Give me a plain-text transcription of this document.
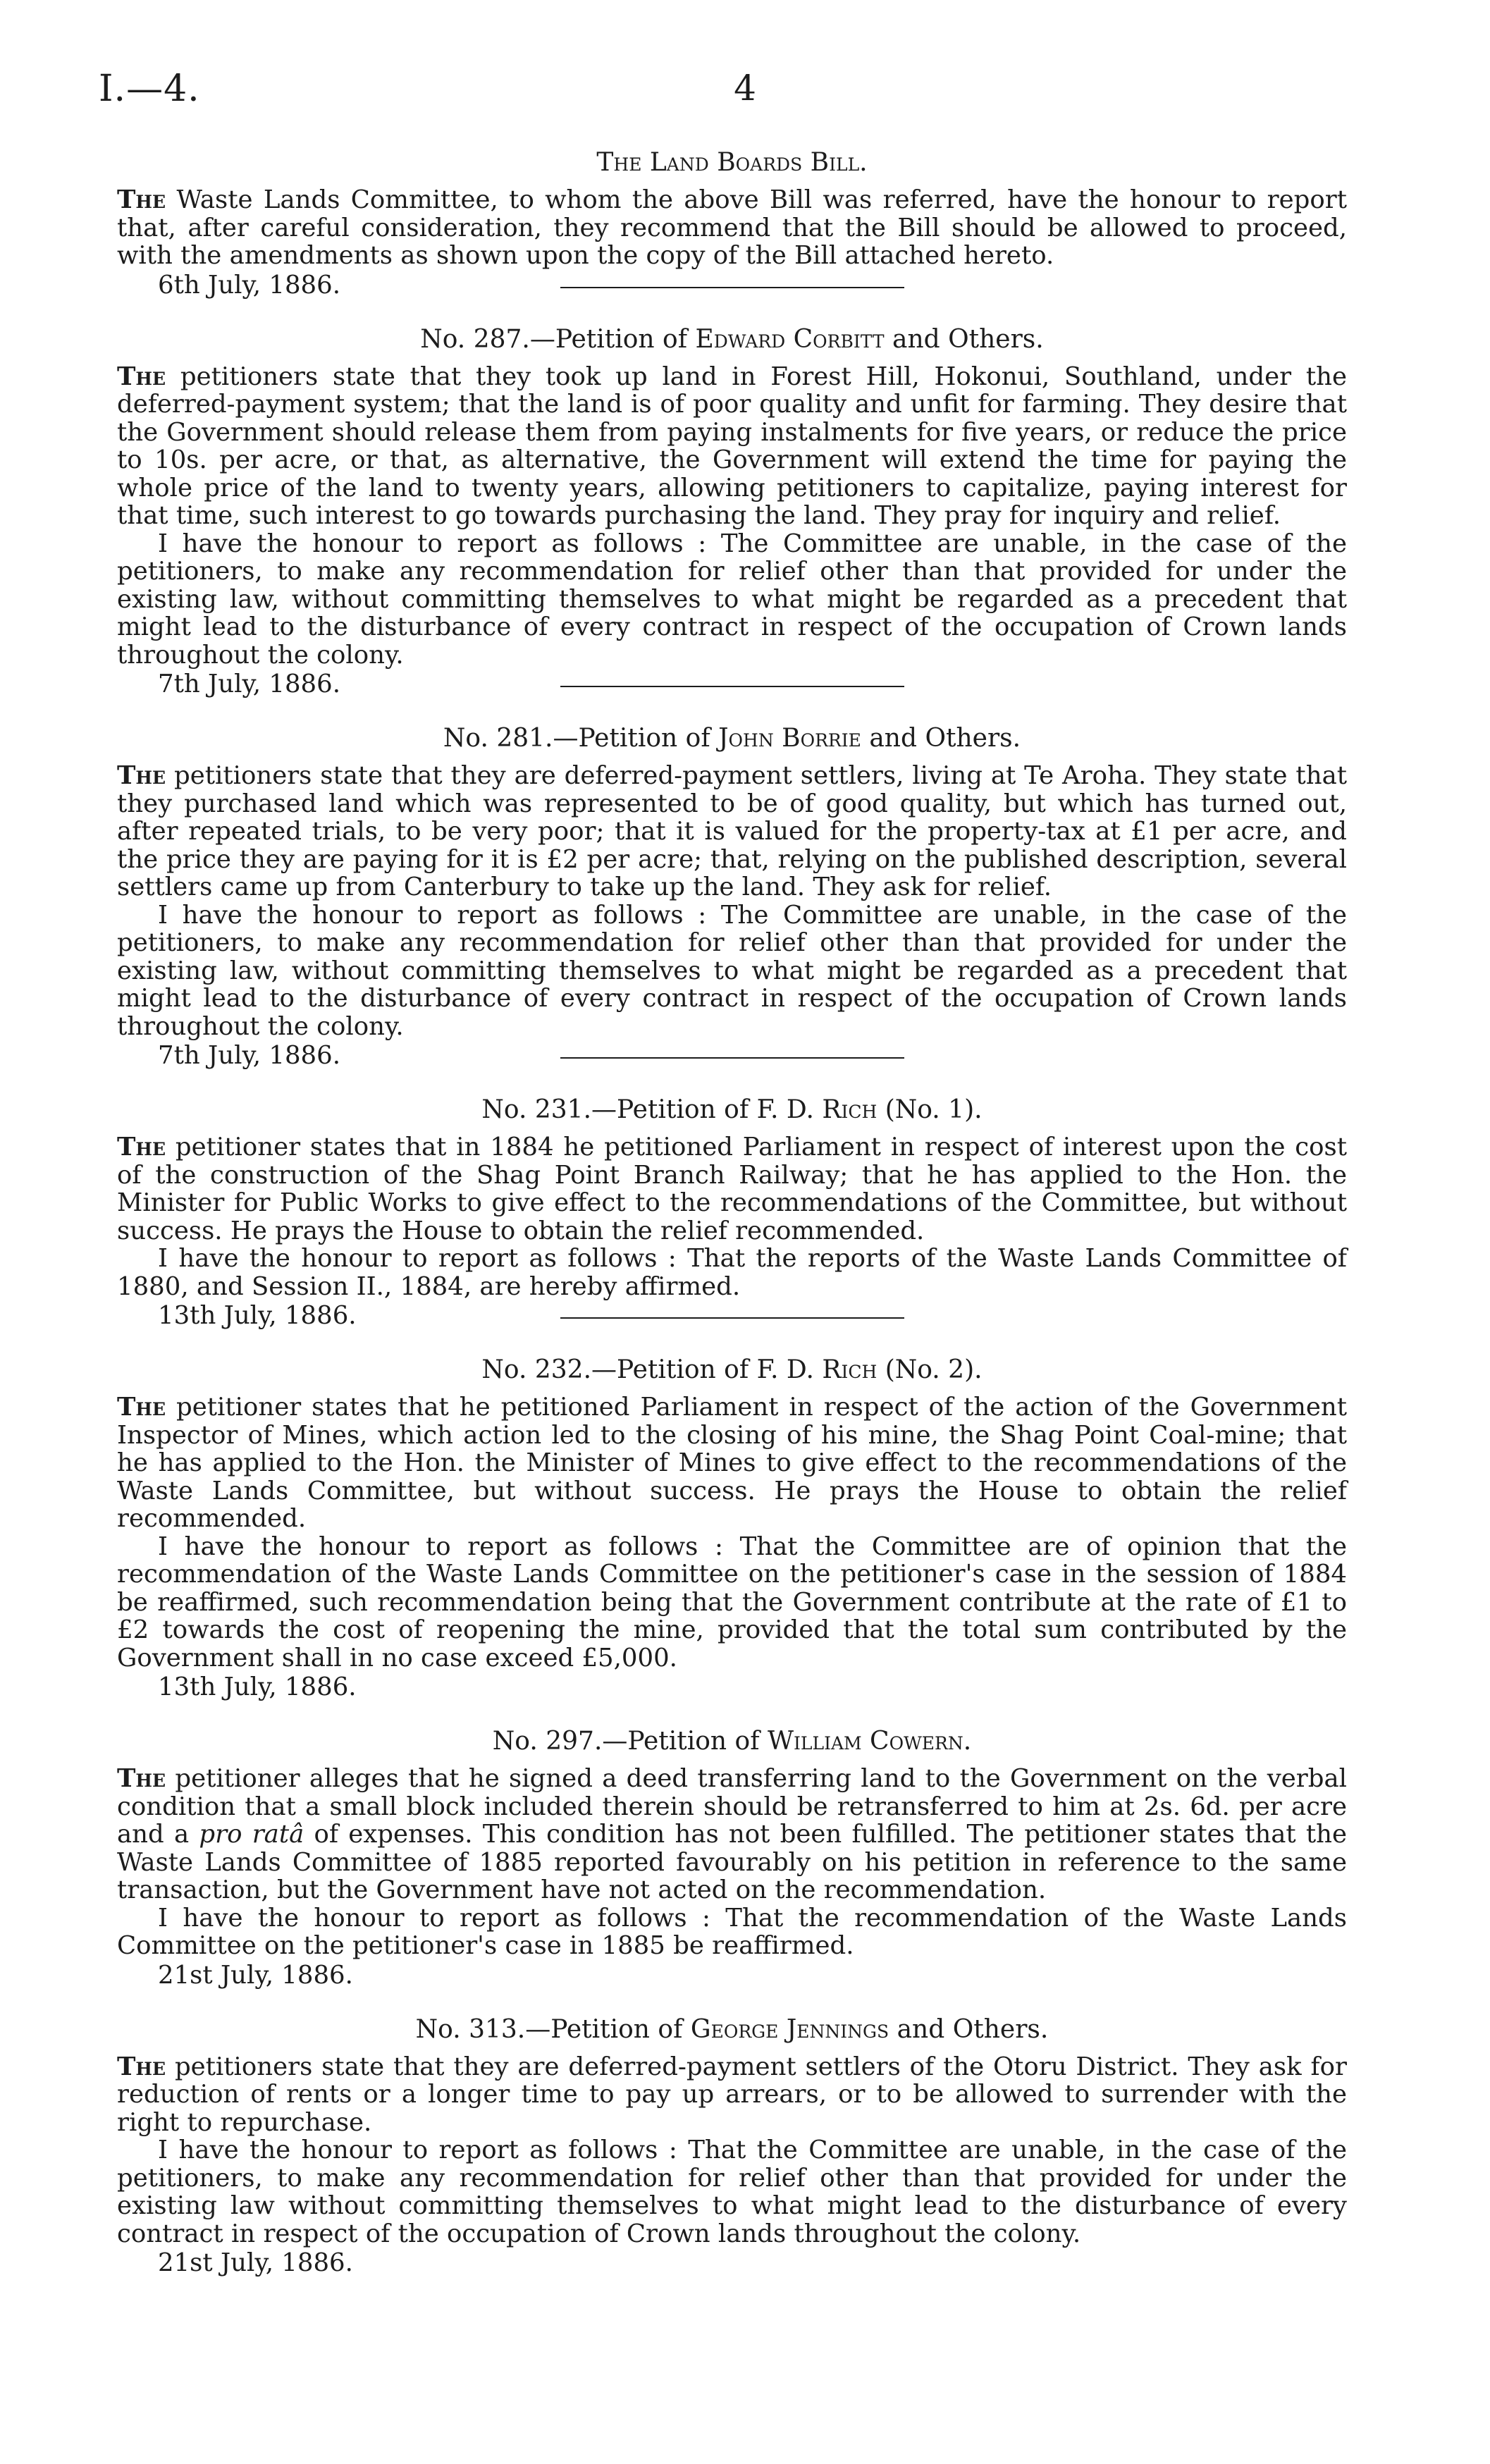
I.—4.	4
The Land Boards Bill.

The Waste Lands Committee, to whom the above Bill was referred, have the honour to report that, after careful consideration, they recommend that the Bill should be allowed to proceed, with the amendments as shown upon the copy of the Bill attached hereto.

6th July, 1886.
No. 287.—Petition of Edward Corbitt and Others.

The petitioners state that they took up land in Forest Hill, Hokonui, Southland, under the deferred-payment system; that the land is of poor quality and unfit for farming. They desire that the Government should release them from paying instalments for five years, or reduce the price to 10s. per acre, or that, as alternative, the Government will extend the time for paying the whole price of the land to twenty years, allowing petitioners to capitalize, paying interest for that time, such interest to go towards purchasing the land. They pray for inquiry and relief.

I have the honour to report as follows : The Committee are unable, in the case of the petitioners, to make any recommendation for relief other than that provided for under the existing law, without committing themselves to what might be regarded as a precedent that might lead to the disturbance of every contract in respect of the occupation of Crown lands throughout the colony.

7th July, 1886.
No. 281.—Petition of John Borrie and Others.

The petitioners state that they are deferred-payment settlers, living at Te Aroha. They state that they purchased land which was represented to be of good quality, but which has turned out, after repeated trials, to be very poor; that it is valued for the property-tax at £1 per acre, and the price they are paying for it is £2 per acre; that, relying on the published description, several settlers came up from Canterbury to take up the land. They ask for relief.

I have the honour to report as follows : The Committee are unable, in the case of the petitioners, to make any recommendation for relief other than that provided for under the existing law, without committing themselves to what might be regarded as a precedent that might lead to the disturbance of every contract in respect of the occupation of Crown lands throughout the colony.

7th July, 1886.
No. 231.—Petition of F. D. Rich (No. 1).

The petitioner states that in 1884 he petitioned Parliament in respect of interest upon the cost of the construction of the Shag Point Branch Railway; that he has applied to the Hon. the Minister for Public Works to give effect to the recommendations of the Committee, but without success. He prays the House to obtain the relief recommended.

I have the honour to report as follows : That the reports of the Waste Lands Committee of 1880, and Session II., 1884, are hereby affirmed.

13th July, 1886.
No. 232.—Petition of F. D. Rich (No. 2).

The petitioner states that he petitioned Parliament in respect of the action of the Government Inspector of Mines, which action led to the closing of his mine, the Shag Point Coal-mine; that he has applied to the Hon. the Minister of Mines to give effect to the recommendations of the Waste Lands Committee, but without success. He prays the House to obtain the relief recommended.

I have the honour to report as follows : That the Committee are of opinion that the recommendation of the Waste Lands Committee on the petitioner's case in the session of 1884 be reaffirmed, such recommendation being that the Government contribute at the rate of £1 to £2 towards the cost of reopening the mine, provided that the total sum contributed by the Government shall in no case exceed £5,000.

13th July, 1886.
No. 297.—Petition of William Cowern.

The petitioner alleges that he signed a deed transferring land to the Government on the verbal condition that a small block included therein should be retransferred to him at 2s. 6d. per acre and a pro ratâ of expenses. This condition has not been fulfilled. The petitioner states that the Waste Lands Committee of 1885 reported favourably on his petition in reference to the same transaction, but the Government have not acted on the recommendation.

I have the honour to report as follows : That the recommendation of the Waste Lands Committee on the petitioner's case in 1885 be reaffirmed.

21st July, 1886.
No. 313.—Petition of George Jennings and Others.

The petitioners state that they are deferred-payment settlers of the Otoru District. They ask for reduction of rents or a longer time to pay up arrears, or to be allowed to surrender with the right to repurchase.

I have the honour to report as follows : That the Committee are unable, in the case of the petitioners, to make any recommendation for relief other than that provided for under the existing law without committing themselves to what might lead to the disturbance of every contract in respect of the occupation of Crown lands throughout the colony.

21st July, 1886.
